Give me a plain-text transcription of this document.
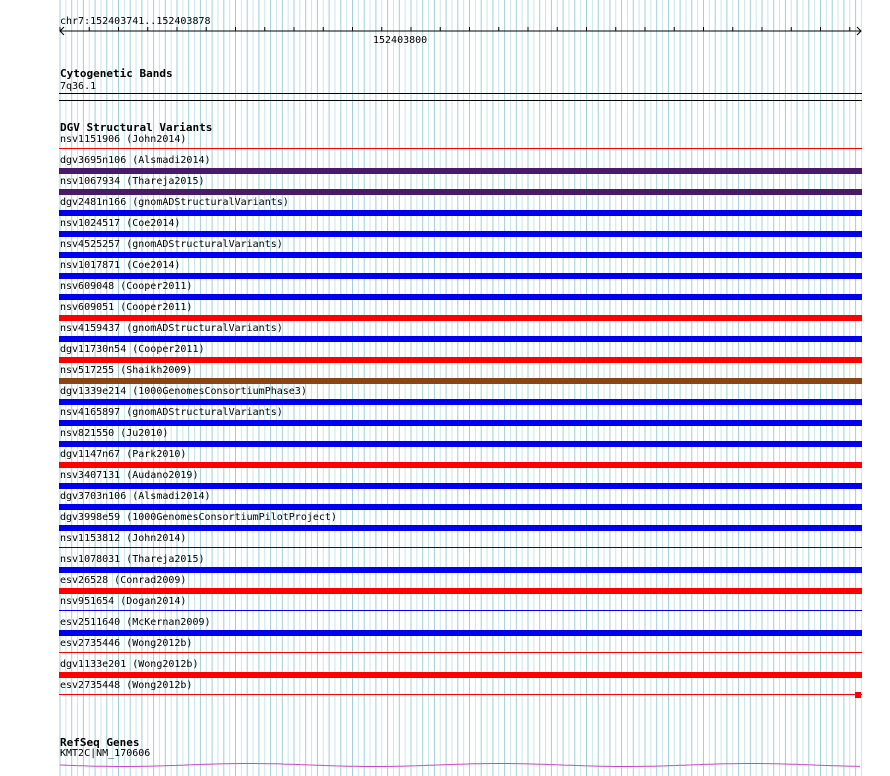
chr7:152403741..152403878
152403800
Cytogenetic Bands
7q36.1
DGV Structural Variants
nsv1151906 (John2014)
dgv3695n106 (Alsmadi2014)
nsv1067934 (Thareja2015)
dgv2481n166 (gnomADStructuralVariants)
nsv1024517 (Coe2014)
nsv4525257 (gnomADStructuralVariants)
nsv1017871 (Coe2014)
nsv609048 (Cooper2011)
nsv609051 (Cooper2011)
nsv4159437 (gnomADStructuralVariants)
dgv11730n54 (Cooper2011)
nsv517255 (Shaikh2009)
dgv1339e214 (1000GenomesConsortiumPhase3)
nsv4165897 (gnomADStructuralVariants)
nsv821550 (Ju2010)
dgv1147n67 (Park2010)
nsv3407131 (Audano2019)
dgv3703n106 (Alsmadi2014)
dgv3998e59 (1000GenomesConsortiumPilotProject)
nsv1153812 (John2014)
nsv1078031 (Thareja2015)
esv26528 (Conrad2009)
nsv951654 (Dogan2014)
esv2511640 (McKernan2009)
esv2735446 (Wong2012b)
dgv1133e201 (Wong2012b)
esv2735448 (Wong2012b)
RefSeq Genes
KMT2C|NM_170606
